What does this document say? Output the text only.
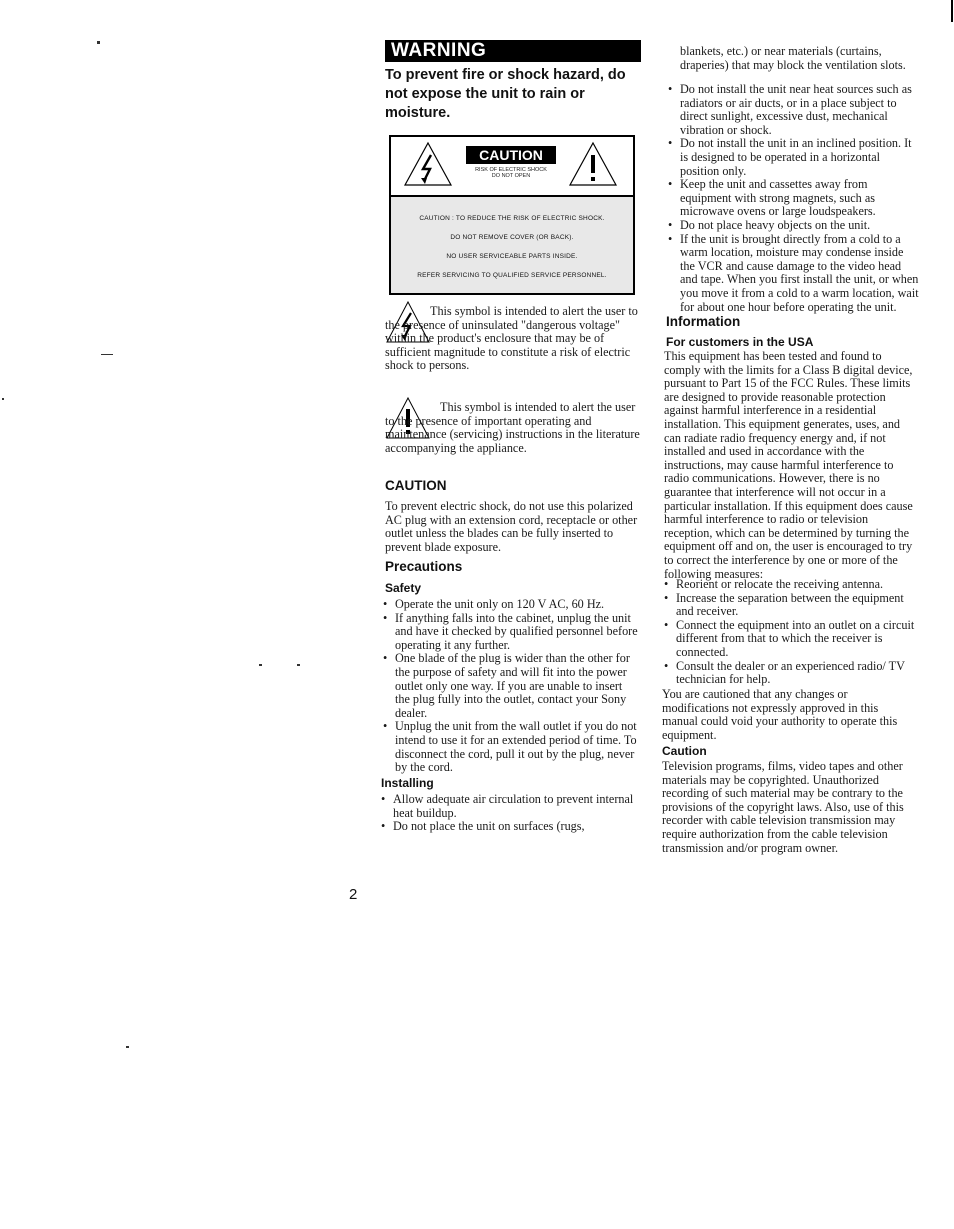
WARNING
To prevent fire or shock hazard, do not expose the unit to rain or moisture.
CAUTION
RISK OF ELECTRIC SHOCK
DO NOT OPEN
CAUTION : TO REDUCE THE RISK OF ELECTRIC SHOCK.
DO NOT REMOVE COVER (OR BACK).
NO USER SERVICEABLE PARTS INSIDE.
REFER SERVICING TO QUALIFIED SERVICE PERSONNEL.
This symbol is intended to alert the user to the presence of uninsulated "dangerous voltage" within the product's enclosure that may be of sufficient magnitude to constitute a risk of electric shock to persons.
This symbol is intended to alert the user to the presence of important operating and maintenance (servicing) instructions in the literature accompanying the appliance.
CAUTION
To prevent electric shock, do not use this polarized AC plug with an extension cord, receptacle or other outlet unless the blades can be fully inserted to prevent blade exposure.
Precautions
Safety
• Operate the unit only on 120 V AC, 60 Hz.
• If anything falls into the cabinet, unplug the unit and have it checked by qualified personnel before operating it any further.
• One blade of the plug is wider than the other for the purpose of safety and will fit into the power outlet only one way. If you are unable to insert the plug fully into the outlet, contact your Sony dealer.
• Unplug the unit from the wall outlet if you do not intend to use it for an extended period of time. To disconnect the cord, pull it out by the plug, never by the cord.
Installing
• Allow adequate air circulation to prevent internal heat buildup.
• Do not place the unit on surfaces (rugs,
2
blankets, etc.) or near materials (curtains, draperies) that may block the ventilation slots.
• Do not install the unit near heat sources such as radiators or air ducts, or in a place subject to direct sunlight, excessive dust, mechanical vibration or shock.
• Do not install the unit in an inclined position. It is designed to be operated in a horizontal position only.
• Keep the unit and cassettes away from equipment with strong magnets, such as microwave ovens or large loudspeakers.
• Do not place heavy objects on the unit.
• If the unit is brought directly from a cold to a warm location, moisture may condense inside the VCR and cause damage to the video head and tape. When you first install the unit, or when you move it from a cold to a warm location, wait for about one hour before operating the unit.
Information
For customers in the USA
This equipment has been tested and found to comply with the limits for a Class B digital device, pursuant to Part 15 of the FCC Rules. These limits are designed to provide reasonable protection against harmful interference in a residential installation. This equipment generates, uses, and can radiate radio frequency energy and, if not installed and used in accordance with the instructions, may cause harmful interference to radio communications. However, there is no guarantee that interference will not occur in a particular installation. If this equipment does cause harmful interference to radio or television reception, which can be determined by turning the equipment off and on, the user is encouraged to try to correct the interference by one or more of the following measures:
• Reorient or relocate the receiving antenna.
• Increase the separation between the equipment and receiver.
• Connect the equipment into an outlet on a circuit different from that to which the receiver is connected.
• Consult the dealer or an experienced radio/ TV technician for help.
You are cautioned that any changes or modifications not expressly approved in this manual could void your authority to operate this equipment.
Caution
Television programs, films, video tapes and other materials may be copyrighted. Unauthorized recording of such material may be contrary to the provisions of the copyright laws. Also, use of this recorder with cable television transmission may require authorization from the cable television transmission and/or program owner.
